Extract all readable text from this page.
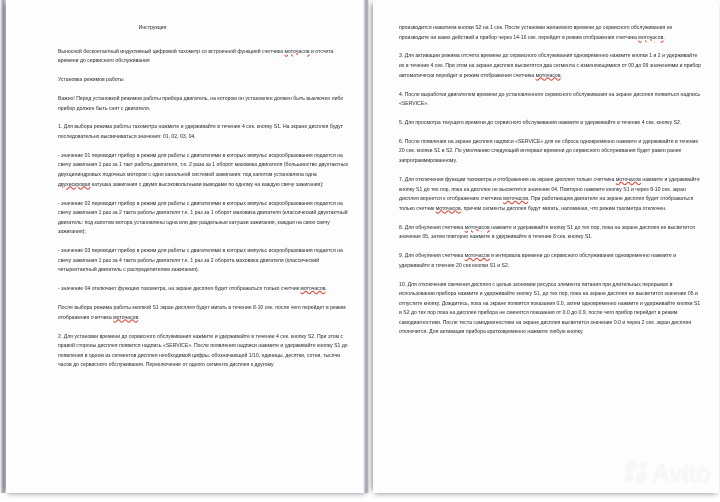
Инструкция
Выносной бесконтактный индуктивный цифровой тахометр со встроенной функцией счетчика моточасов и отсчета времени до сервисного обслуживания
Установка режимов работы
Важно! Перед установкой режимов работы прибора двигатель, на котором он установлен должен быть выключен либо прибор должен быть снят с двигателя.
1. Для выбора режима работы тахометра нажмите и удерживайте в течение 4 сек. кнопку S1. На экране дисплея будут последовательно высвечиваться значения: 01, 02, 03, 04.
- значение 01 переводит прибор в режим для работы с двигателями в которых импульс искрообразования подается на свечу зажигания 1 раз за 1 такт работы двигателя, т.е. 2 раза за 1 оборот маховика двигателя (большинство двухтактных двухцилиндровых лодочных моторов с одно канальной системой зажигания: под капотом установлена одна двухискровая катушка зажигания с двумя высоковольтными выводами по одному на каждую свечу зажигания);
- значение 02 переводит прибор в режим для работы с двигателями в которых импульс искрообразования подается на свечу зажигания 1 раз за 2 такта работы двигателя т.е. 1 раз за 1 оборот маховика двигателя (классический двухтактный двигатель: под капотом мотора установлены одна или две раздельные катушки зажигания, каждая на свою свечу зажигания);
- значение 03 переводит прибор в режим для работы с двигателями в которых импульс искрообразования подается на свечу зажигания 1 раз за 4 такта работы двигателя т.е. 1 раз за 2 оборота маховика двигателя (классический четырехтактный двигатель с распределителем зажигания).
- значение 04 отключает функцию тахометра, на экране дисплея будет отображаться только счетчик моточасов.
После выбора режима работы кнопкой S1 экран дисплея будет мигать в течение 8-10 сек. после чего перейдет в режим отображения счетчика моточасов.
2. Для установки времени до сервисного обслуживания нажмите и удерживайте в течение 4 сек. кнопку S2. При этом с правой стороны дисплея появится надпись «SERVICE». После появления надписи нажмите и удерживайте кнопку S1 до появления в одном из сегментов дисплея необходимой цифры, обозначающей 1/10, единицы, десятки, сотни, тысячи часов до сервисного обслуживания. Переключение от одного сегмента дисплея к другому
производится нажатием кнопки S2 на 1 сек. После установки желаемого времени до сервисного обслуживания не производите ни каких действий и прибор через 14-16 сек. перейдет в режим отображения счетчика моточасов.
3. Для активации режима отсчета времени до сервисного обслуживания одновременно нажмите кнопки 1 и 2 и удерживайте их в течение 4 сек. При этом на экране дисплея высветятся два сегмента с изменяющимися от 00 до 09 значениями и прибор автоматически перейдет в режим отображения счетчика моточасов.
4. После выработки двигателем времени до установленного сервисного обслуживания на экране дисплея появиться надпись «SERVICE».
5. Для просмотра текущего времени до сервисного обслуживания нажмите и удерживайте в течение 4 сек. кнопку S2.
6. После появления на экране дисплея надписи «SERVICE» для ее сброса одновременно нажмите и удерживайте в течение 20 сек. кнопки S1 и S2. По умолчанию следующий интервал времени до сервисного обслуживания будет равен ранее запрограммированному.
7. Для отключения функции тахометра и отображения на экране дисплея только счетчика моточасов нажмите и удерживайте кнопку S1 до тех пор, пока на дисплее не высветится значение 04. Повторно нажмите кнопку S1 и через 8-10 сек. экран дисплея вернется к отображению счетчика моточасов. При работающем двигателе на экране дисплея будет отображаться только счетчик моточасов, причем сегменты дисплея будут мигать, напоминая, что режим тахометра отключен.
8. Для обнуления счетчика моточасов нажмите и удерживайте кнопку S1 до тех пор, пока на экране дисплея не высветится значение 05, затем повторно нажмите и удерживайте в течение 8 сек. кнопку S1.
9. Для обнуления счетчика моточасов и интервала времени до сервисного обслуживания одновременно нажмите и удерживайте в течение 20 сек кнопки S1 и S2.
10. Для отключения свечения дисплея с целью экономии ресурса элемента питания при длительных перерывах в использовании прибора нажмите и удерживайте кнопку S1, до тех пор, пока на экране дисплея не высветится значение 05 и отпустите кнопку. Дождитесь, пока на экране появятся показания 0.0, затем одновременно нажмите и удерживайте кнопки S1 и S2 до тех пор пока на дисплее прибора не сменятся показания от 0.0 до 0.9, после чего прибор перейдет в режим самодиагностики. После теста самодиагностики на экране дисплея высветится значение 0.0 и через 2 сек. экран дисплея отключится. Для активации прибора кратковременно нажмите любую кнопку.
Avito
